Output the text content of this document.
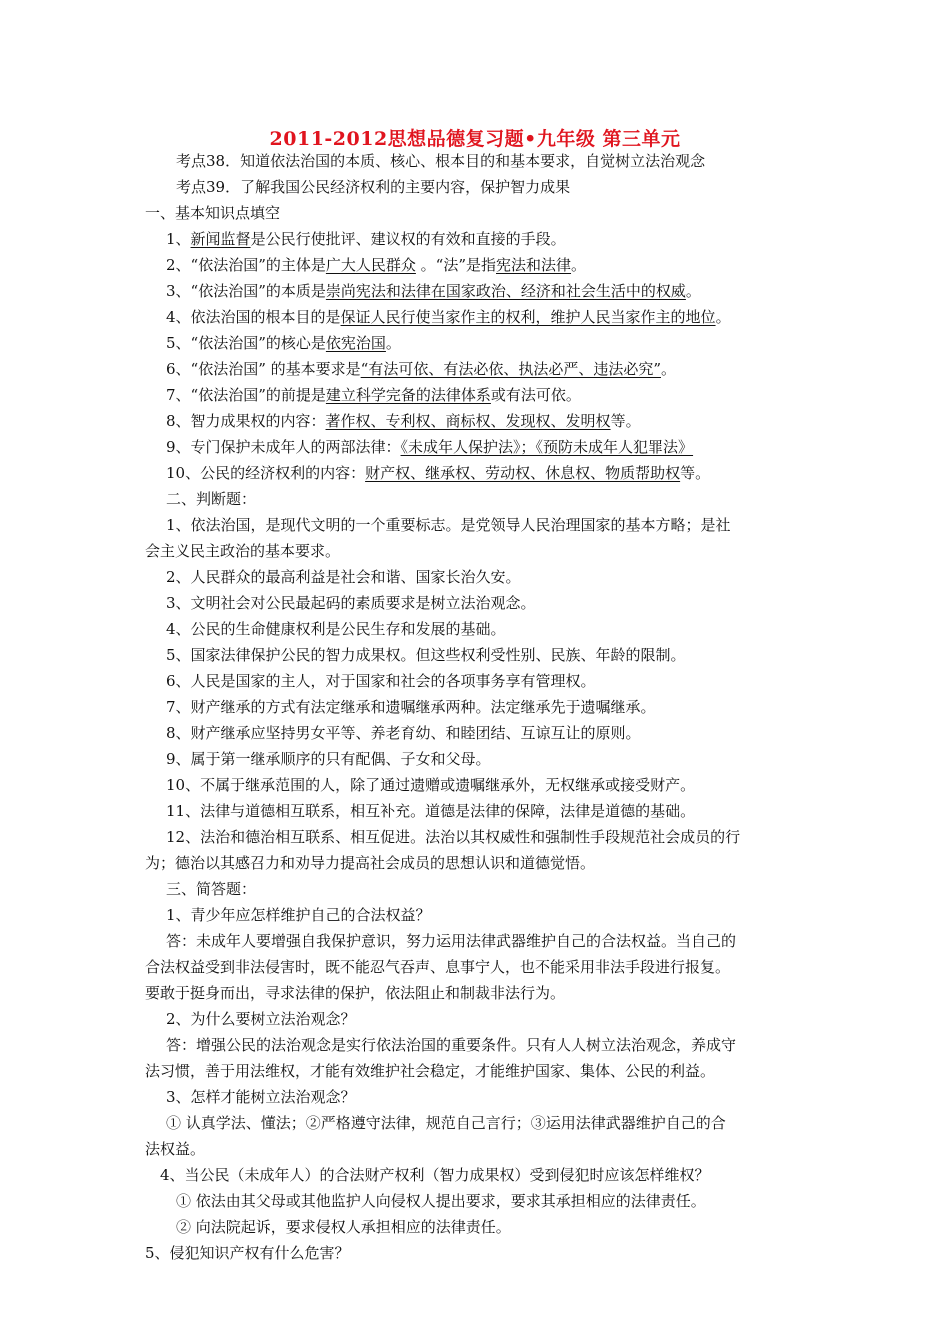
2011-2012思想品德复习题•九年级 第三单元
考点38．知道依法治国的本质、核心、根本目的和基本要求，自觉树立法治观念
考点39．了解我国公民经济权利的主要内容，保护智力成果
一、基本知识点填空
1、新闻监督是公民行使批评、建议权的有效和直接的手段。
2、“依法治国”的主体是广大人民群众 。“法”是指宪法和法律。
3、“依法治国”的本质是崇尚宪法和法律在国家政治、经济和社会生活中的权威。
4、依法治国的根本目的是保证人民行使当家作主的权利，维护人民当家作主的地位。
5、“依法治国”的核心是依宪治国。
6、“依法治国” 的基本要求是“有法可依、有法必依、执法必严、违法必究”。
7、“依法治国”的前提是建立科学完备的法律体系或有法可依。
8、智力成果权的内容：著作权、专利权、商标权、发现权、发明权等。
9、专门保护未成年人的两部法律：《未成年人保护法》；《预防未成年人犯罪法》
10、公民的经济权利的内容：财产权、继承权、劳动权、休息权、物质帮助权等。
二、判断题：
1、依法治国，是现代文明的一个重要标志。是党领导人民治理国家的基本方略；是社
会主义民主政治的基本要求。
2、人民群众的最高利益是社会和谐、国家长治久安。
3、文明社会对公民最起码的素质要求是树立法治观念。
4、公民的生命健康权利是公民生存和发展的基础。
5、国家法律保护公民的智力成果权。但这些权利受性别、民族、年龄的限制。
6、人民是国家的主人，对于国家和社会的各项事务享有管理权。
7、财产继承的方式有法定继承和遗嘱继承两种。法定继承先于遗嘱继承。
8、财产继承应坚持男女平等、养老育幼、和睦团结、互谅互让的原则。
9、属于第一继承顺序的只有配偶、子女和父母。
10、不属于继承范围的人，除了通过遗赠或遗嘱继承外，无权继承或接受财产。
11、法律与道德相互联系，相互补充。道德是法律的保障，法律是道德的基础。
12、法治和德治相互联系、相互促进。法治以其权威性和强制性手段规范社会成员的行
为；德治以其感召力和劝导力提高社会成员的思想认识和道德觉悟。
三、简答题：
1、青少年应怎样维护自己的合法权益？
答：未成年人要增强自我保护意识，努力运用法律武器维护自己的合法权益。当自己的
合法权益受到非法侵害时，既不能忍气吞声、息事宁人，也不能采用非法手段进行报复。
要敢于挺身而出，寻求法律的保护，依法阻止和制裁非法行为。
2、为什么要树立法治观念？
答：增强公民的法治观念是实行依法治国的重要条件。只有人人树立法治观念，养成守
法习惯，善于用法维权，才能有效维护社会稳定，才能维护国家、集体、公民的利益。
3、怎样才能树立法治观念？
① 认真学法、懂法；②严格遵守法律，规范自己言行；③运用法律武器维护自己的合
法权益。
4、当公民（未成年人）的合法财产权利（智力成果权）受到侵犯时应该怎样维权？
① 依法由其父母或其他监护人向侵权人提出要求，要求其承担相应的法律责任。
② 向法院起诉，要求侵权人承担相应的法律责任。
5、侵犯知识产权有什么危害？
